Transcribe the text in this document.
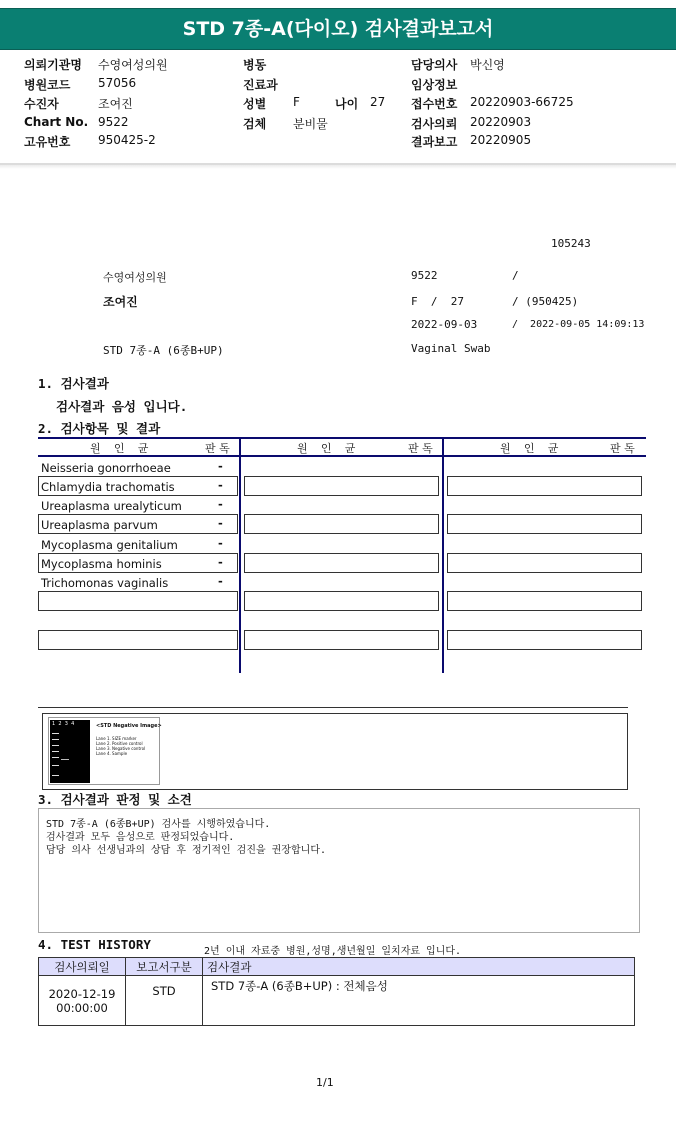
STD 7종-A(다이오) 검사결과보고서
의뢰기관명 수영여성의원
병원코드 57056
수진자	조여진
Chart No. 9522
고유번호 950425-2
병동
진료과
성별 F	나이 27
검체 분비물
담당의사 박신영
임상정보
접수번호 20220903-66725
검사의뢰 20220903
결과보고 20220905
105243
수영여성의원	9522	/
조여진	F  /  27	/ (950425)
2022-09-03	/  2022-09-05 14:09:13
STD 7종-A (6종B+UP)	Vaginal Swab
1. 검사결과
검사결과 음성 입니다.
2. 검사항목 및 결과
원  인  균	판 독	원  인  균	판 독	원  인  균	판 독
Neisseria gonorrhoeae	-
Chlamydia trachomatis	-
Ureaplasma urealyticum	-
Ureaplasma parvum	-
Mycoplasma genitalium	-
Mycoplasma hominis	-
Trichomonas vaginalis	-
1  2  3  4	<STD Negative Image>
Lane 1. SIZE marker
Lane 2. Positive control
Lane 3. Negative control
Lane 4. Sample
3. 검사결과 판정 및 소견
STD 7종-A (6종B+UP) 검사를 시행하였습니다.
검사결과 모두 음성으로 판정되었습니다.
담당 의사 선생님과의 상담 후 정기적인 검진을 권장합니다.
4. TEST HISTORY	2년 이내 자료중 병원,성명,생년월일 일치자료 입니다.
검사의뢰일	보고서구분	검사결과

2020-12-19
00:00:00	STD	STD 7종-A (6종B+UP) : 전체음성
1/1
